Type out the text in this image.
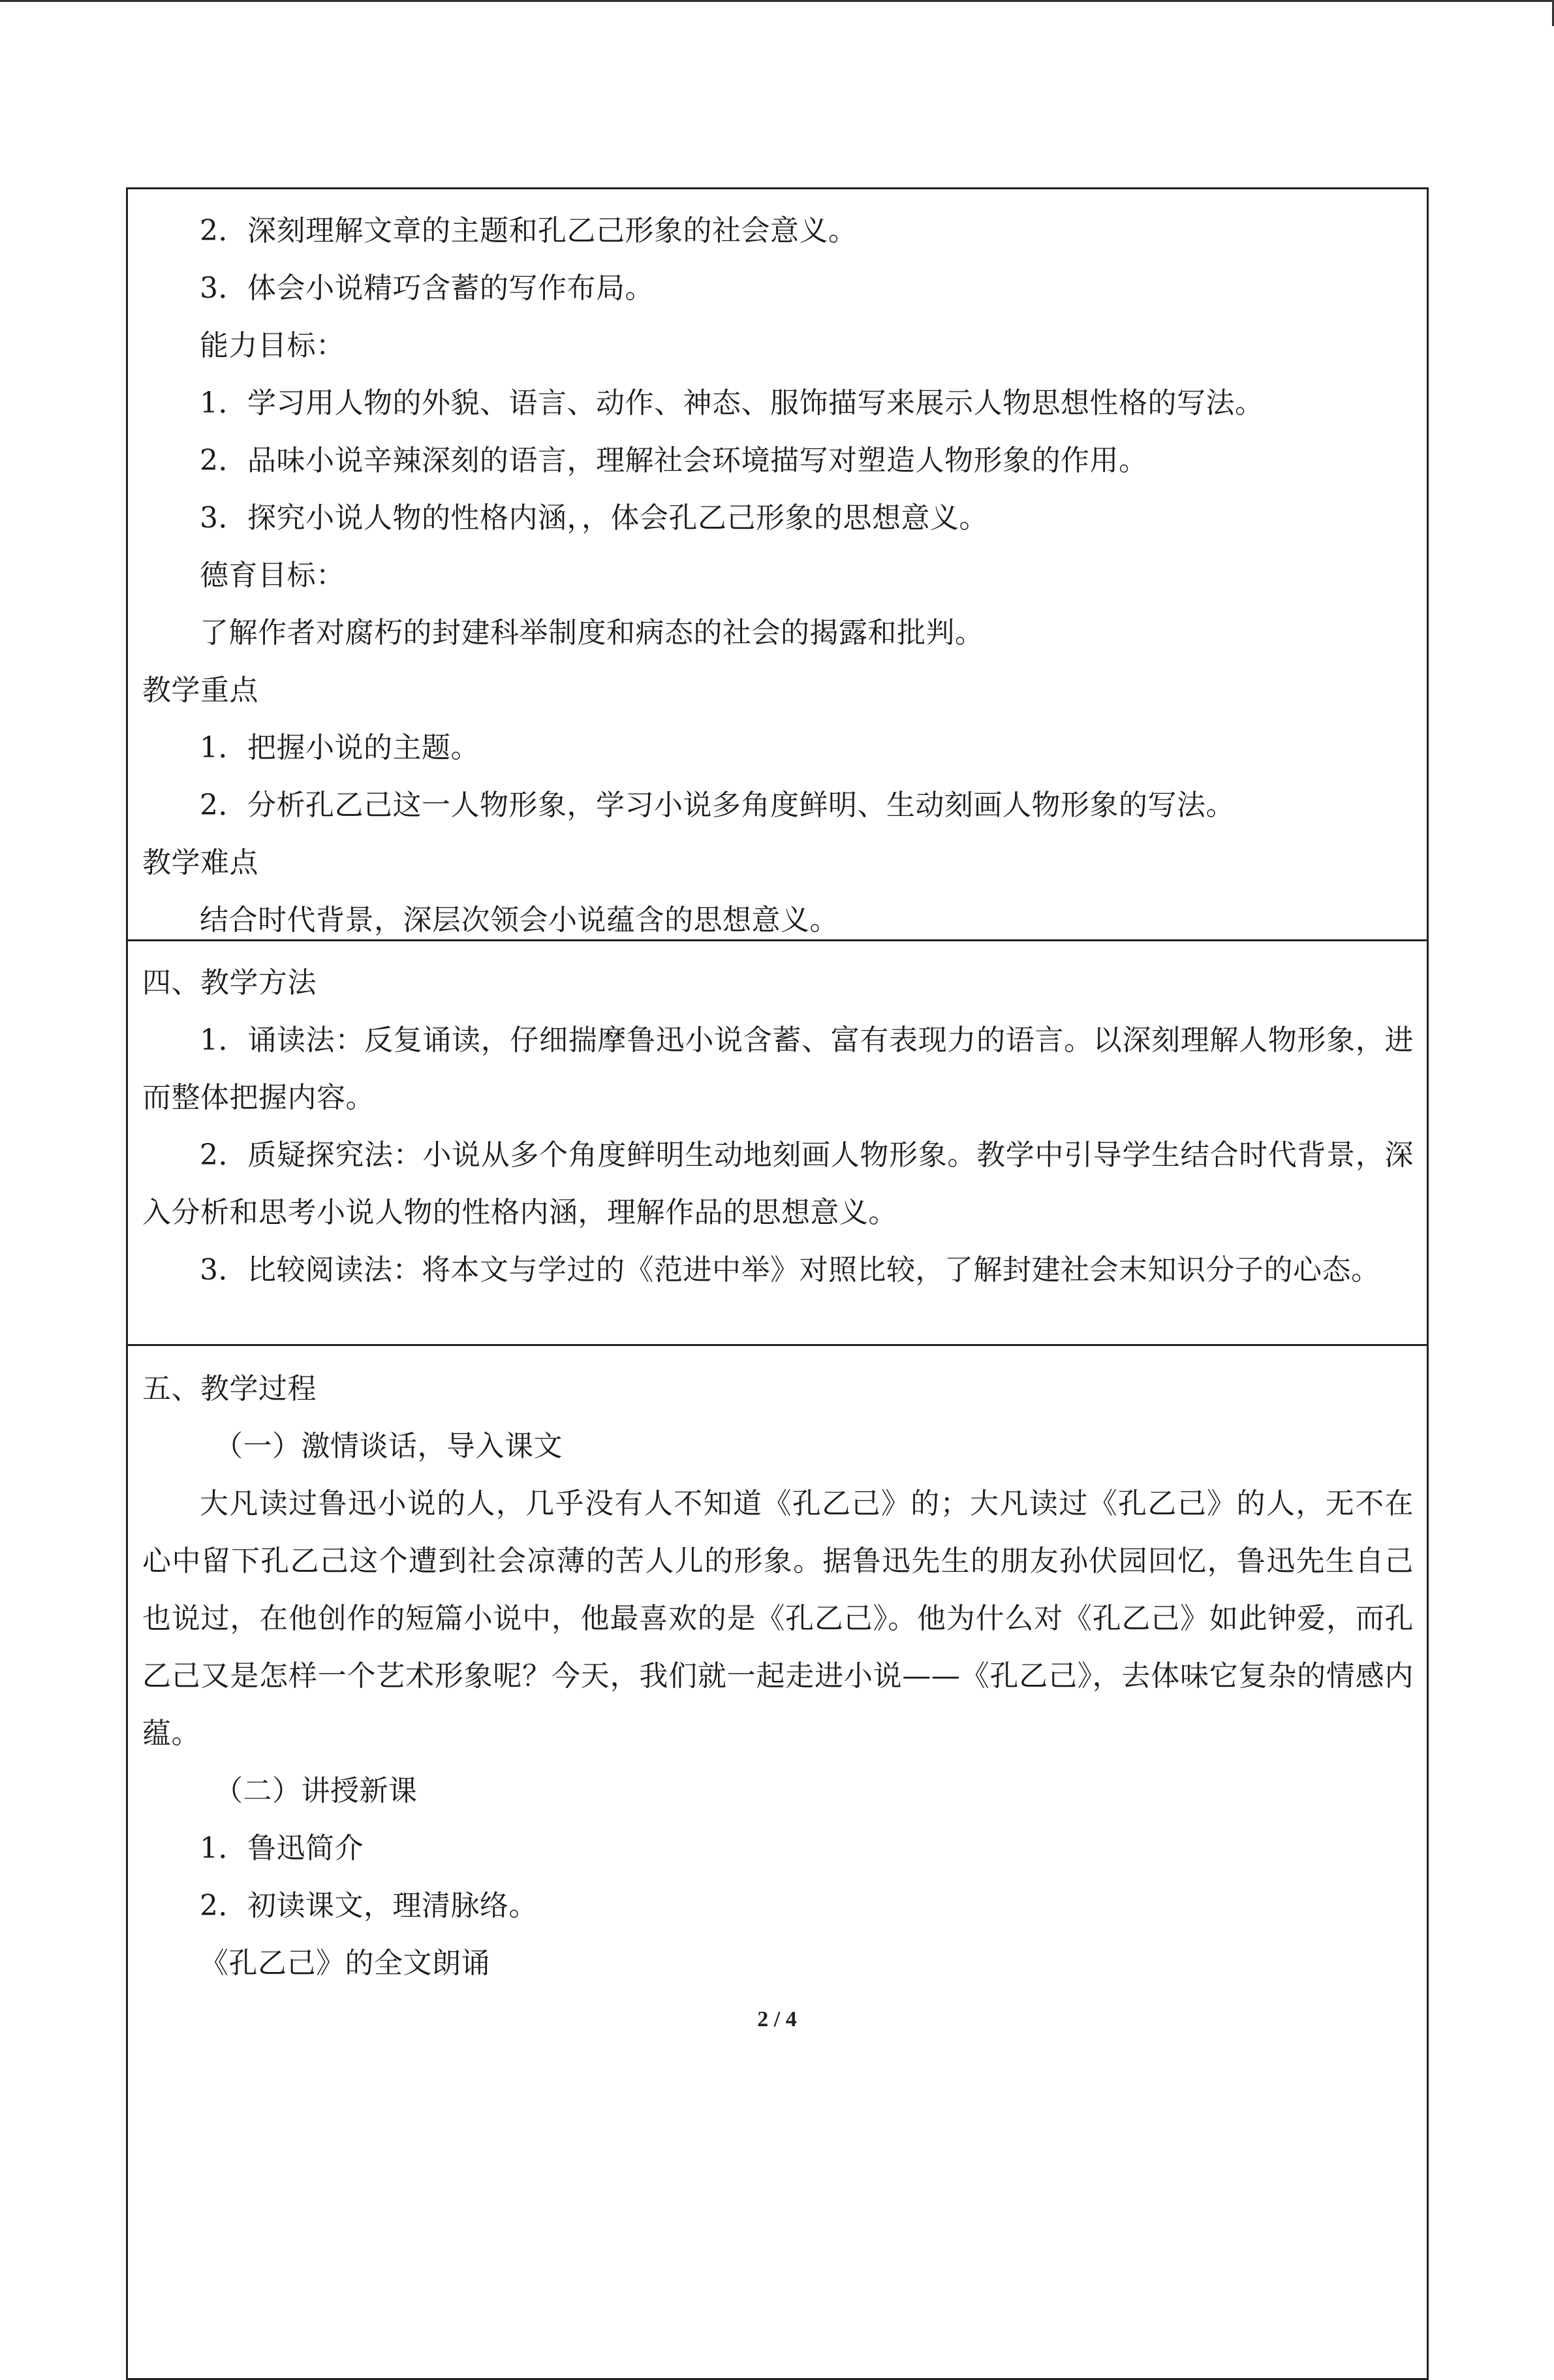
2．深刻理解文章的主题和孔乙己形象的社会意义。
3．体会小说精巧含蓄的写作布局。
能力目标：
1．学习用人物的外貌、语言、动作、神态、服饰描写来展示人物思想性格的写法。
2．品味小说辛辣深刻的语言，理解社会环境描写对塑造人物形象的作用。
3．探究小说人物的性格内涵，，体会孔乙己形象的思想意义。
德育目标：
了解作者对腐朽的封建科举制度和病态的社会的揭露和批判。
教学重点
1．把握小说的主题。
2．分析孔乙己这一人物形象，学习小说多角度鲜明、生动刻画人物形象的写法。
教学难点
结合时代背景，深层次领会小说蕴含的思想意义。
四、教学方法
1．诵读法：反复诵读，仔细揣摩鲁迅小说含蓄、富有表现力的语言。以深刻理解人物形象，进而整体把握内容。
2．质疑探究法：小说从多个角度鲜明生动地刻画人物形象。教学中引导学生结合时代背景，深入分析和思考小说人物的性格内涵，理解作品的思想意义。
3．比较阅读法：将本文与学过的《范进中举》对照比较，了解封建社会末知识分子的心态。
五、教学过程
（一）激情谈话，导入课文
大凡读过鲁迅小说的人，几乎没有人不知道《孔乙己》的；大凡读过《孔乙己》的人，无不在心中留下孔乙己这个遭到社会凉薄的苦人儿的形象。据鲁迅先生的朋友孙伏园回忆，鲁迅先生自己也说过，在他创作的短篇小说中，他最喜欢的是《孔乙己》。他为什么对《孔乙己》如此钟爱，而孔乙己又是怎样一个艺术形象呢？今天，我们就一起走进小说——《孔乙己》，去体味它复杂的情感内蕴。
（二）讲授新课
1．鲁迅简介
2．初读课文，理清脉络。
《孔乙己》的全文朗诵
2 / 4
